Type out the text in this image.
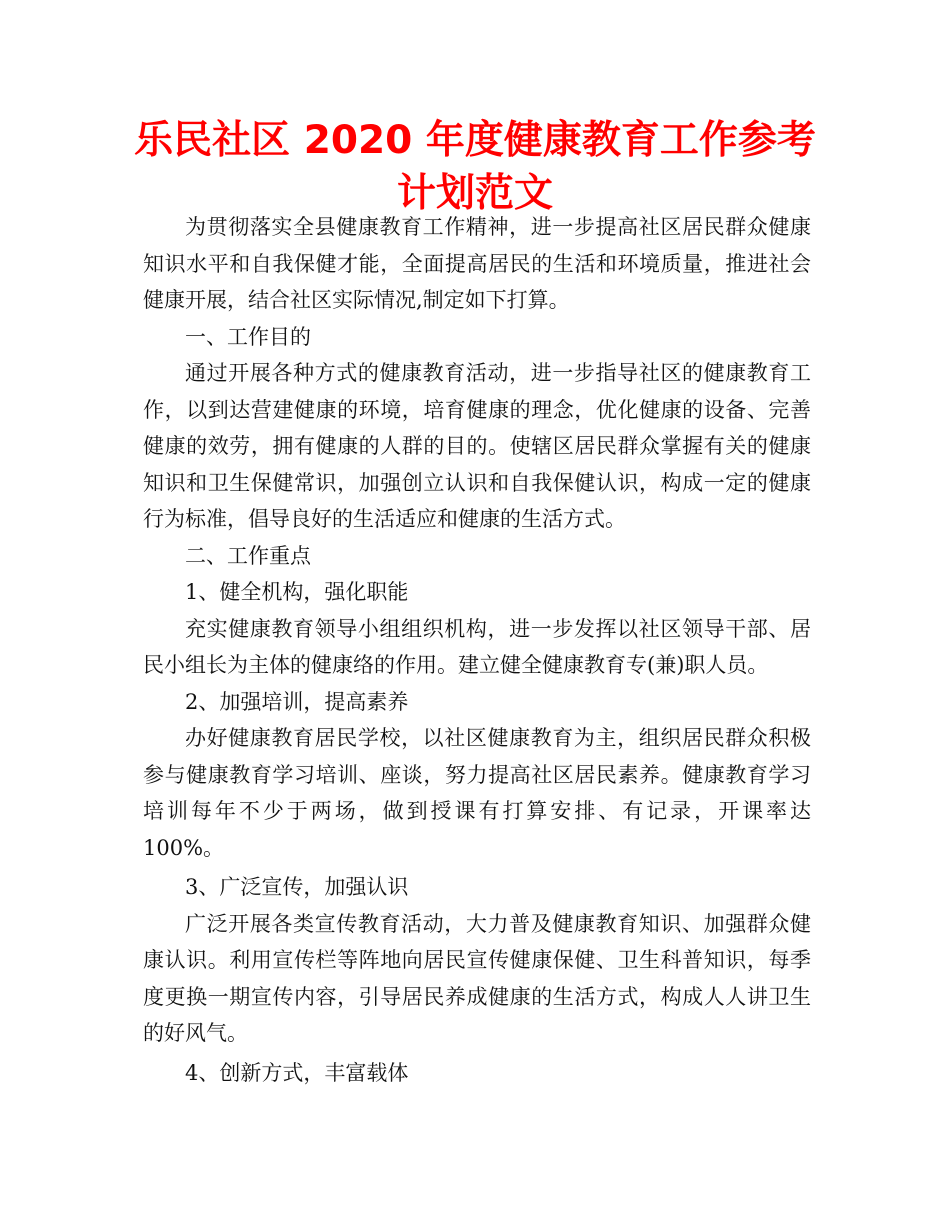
乐民社区 2020 年度健康教育工作参考计划范文

为贯彻落实全县健康教育工作精神，进一步提高社区居民群众健康知识水平和自我保健才能，全面提高居民的生活和环境质量，推进社会健康开展，结合社区实际情况,制定如下打算。

一、工作目的

通过开展各种方式的健康教育活动，进一步指导社区的健康教育工作，以到达营建健康的环境，培育健康的理念，优化健康的设备、完善健康的效劳，拥有健康的人群的目的。使辖区居民群众掌握有关的健康知识和卫生保健常识，加强创立认识和自我保健认识，构成一定的健康行为标准，倡导良好的生活适应和健康的生活方式。

二、工作重点

1、健全机构，强化职能

充实健康教育领导小组组织机构，进一步发挥以社区领导干部、居民小组长为主体的健康络的作用。建立健全健康教育专(兼)职人员。

2、加强培训，提高素养

办好健康教育居民学校，以社区健康教育为主，组织居民群众积极参与健康教育学习培训、座谈，努力提高社区居民素养。健康教育学习培训每年不少于两场，做到授课有打算安排、有记录，开课率达100%。

3、广泛宣传，加强认识

广泛开展各类宣传教育活动，大力普及健康教育知识、加强群众健康认识。利用宣传栏等阵地向居民宣传健康保健、卫生科普知识，每季度更换一期宣传内容，引导居民养成健康的生活方式，构成人人讲卫生的好风气。

4、创新方式，丰富载体
